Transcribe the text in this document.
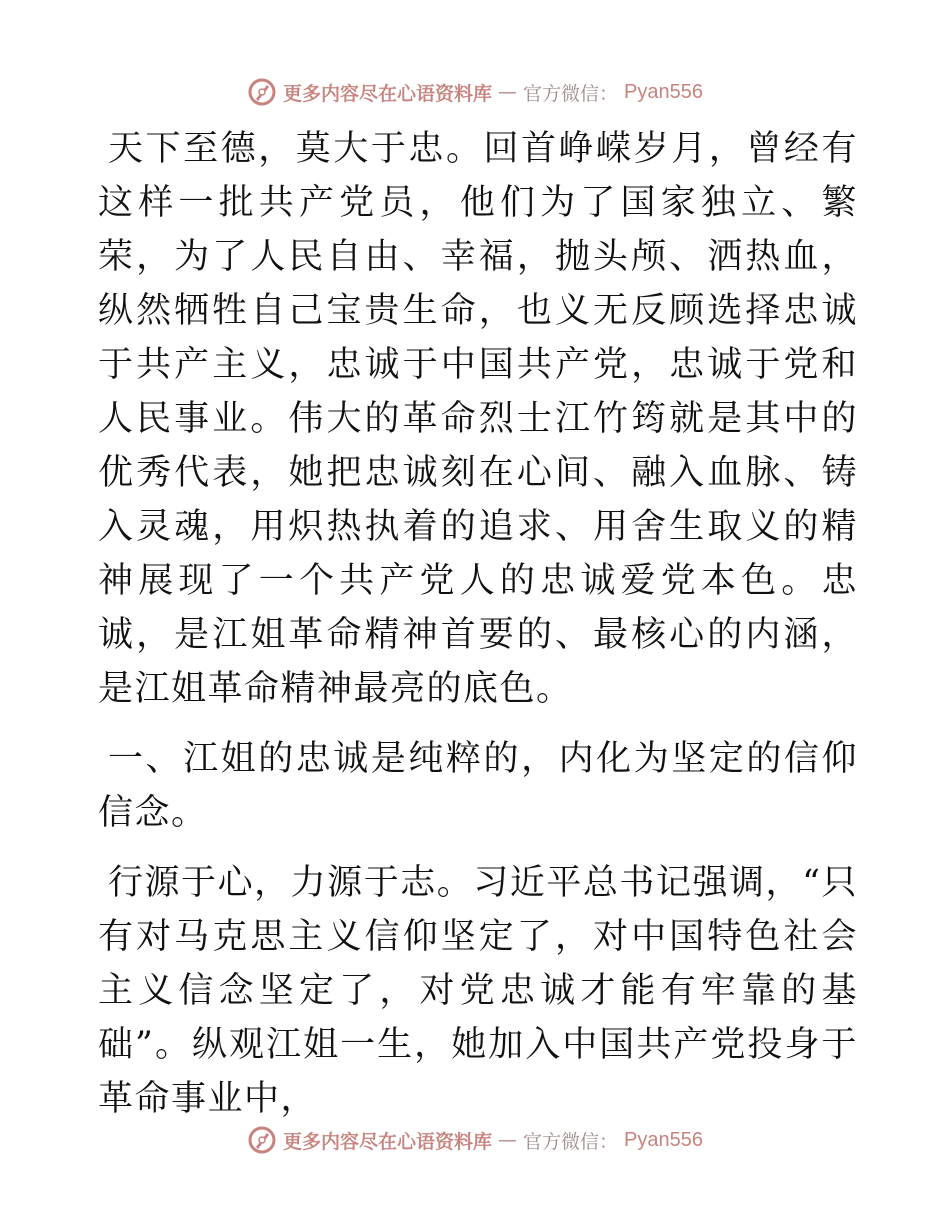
更多内容尽在心语资料库 — 官方微信： Pyan556

天下至德，莫大于忠。回首峥嵘岁月，曾经有这样一批共产党员，他们为了国家独立、繁荣，为了人民自由、幸福，抛头颅、洒热血，纵然牺牲自己宝贵生命，也义无反顾选择忠诚于共产主义，忠诚于中国共产党，忠诚于党和人民事业。伟大的革命烈士江竹筠就是其中的优秀代表，她把忠诚刻在心间、融入血脉、铸入灵魂，用炽热执着的追求、用舍生取义的精神展现了一个共产党人的忠诚爱党本色。忠诚，是江姐革命精神首要的、最核心的内涵，是江姐革命精神最亮的底色。

一、江姐的忠诚是纯粹的，内化为坚定的信仰信念。

行源于心，力源于志。习近平总书记强调，“只有对马克思主义信仰坚定了，对中国特色社会主义信念坚定了，对党忠诚才能有牢靠的基础”。纵观江姐一生，她加入中国共产党投身于革命事业中，

更多内容尽在心语资料库 — 官方微信： Pyan556
